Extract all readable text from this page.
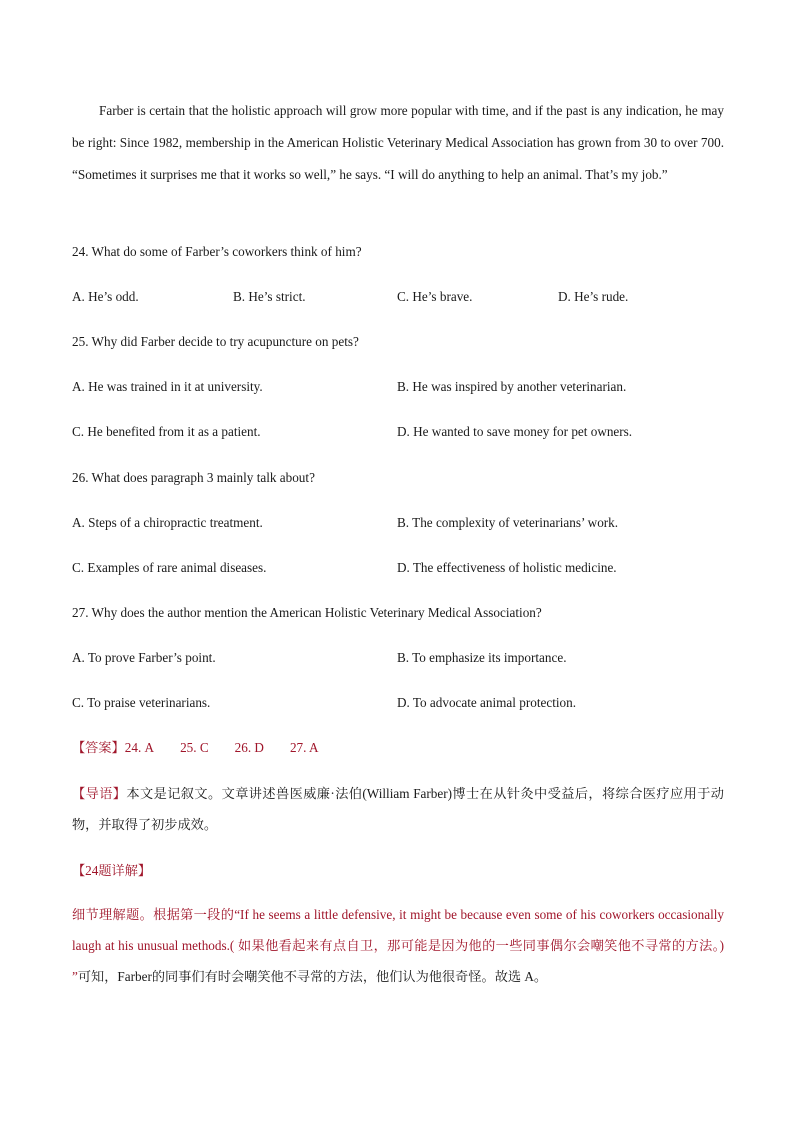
Farber is certain that the holistic approach will grow more popular with time, and if the past is any indication, he may be right: Since 1982, membership in the American Holistic Veterinary Medical Association has grown from 30 to over 700. “Sometimes it surprises me that it works so well,” he says. “I will do anything to help an animal. That’s my job.”
24. What do some of Farber’s coworkers think of him?
A. He’s odd.	B. He’s strict.	C. He’s brave.	D. He’s rude.
25. Why did Farber decide to try acupuncture on pets?
A. He was trained in it at university.	B. He was inspired by another veterinarian.
C. He benefited from it as a patient.	D. He wanted to save money for pet owners.
26. What does paragraph 3 mainly talk about?
A. Steps of a chiropractic treatment.	B. The complexity of veterinarians’ work.
C. Examples of rare animal diseases.	D. The effectiveness of holistic medicine.
27. Why does the author mention the American Holistic Veterinary Medical Association?
A. To prove Farber’s point.	B. To emphasize its importance.
C. To praise veterinarians.	D. To advocate animal protection.
【答案】24. A 25. C 26. D 27. A
【导语】本文是记叙文。文章讲述兽医威廉·法伯(William Farber)博士在从针灸中受益后，将综合医疗应用于动物，并取得了初步成效。
【24题详解】
细节理解题。根据第一段的“If he seems a little defensive, it might be because even some of his coworkers occasionally laugh at his unusual methods.( 如果他看起来有点自卫，那可能是因为他的一些同事偶尔会嘲笑他不寻常的方法。) ”可知，Farber的同事们有时会嘲笑他不寻常的方法，他们认为他很奇怪。故选 A。
